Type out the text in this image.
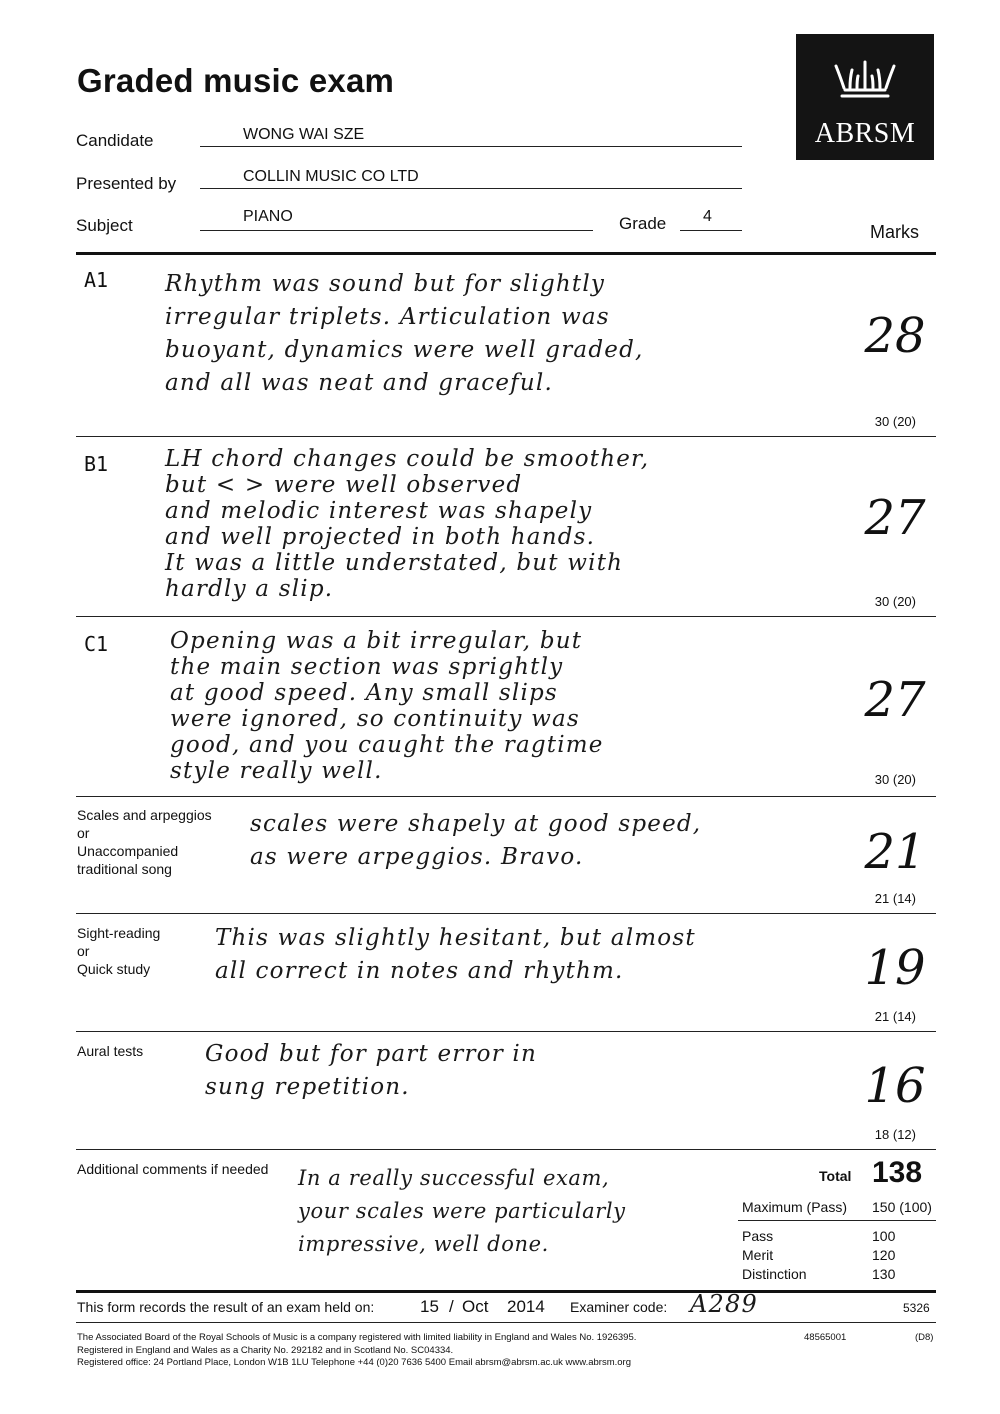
Graded music exam
ABRSM
Candidate	WONG WAI SZE
Presented by	COLLIN MUSIC CO LTD
Subject	PIANO	Grade 4
Marks
A1 Rhythm was sound but for slightly
irregular triplets. Articulation was
buoyant, dynamics were well graded,
and all was neat and graceful.
28
30 (20)
B1 LH chord changes could be smoother,
but < > were well observed
and melodic interest was shapely
and well projected in both hands.
It was a little understated, but with
hardly a slip.
27
30 (20)
C1	Opening was a bit irregular, but
the main section was sprightly
at good speed. Any small slips
were ignored, so continuity was
good, and you caught the ragtime
style really well.
27
30 (20)
Scales and arpeggios
or
Unaccompanied
traditional song
scales were shapely at good speed,
as were arpeggios. Bravo.	21
21 (14)
Sight-reading
or
Quick study
This was slightly hesitant, but almost
all correct in notes and rhythm.	19
21 (14)
Aural tests	Good but for part error in
sung repetition.	16
18 (12)
Additional comments if needed In a really successful exam,
your scales were particularly
impressive, well done.
Total 138
Maximum (Pass) 150 (100)
Pass	100
Merit	120
Distinction	130
This form records the result of an exam held on:	15 / Oct 2014 Examiner code: A289	5326
The Associated Board of the Royal Schools of Music is a company registered with limited liability in England and Wales No. 1926395.
Registered in England and Wales as a Charity No. 292182 and in Scotland No. SC04334.
Registered office: 24 Portland Place, London W1B 1LU Telephone +44 (0)20 7636 5400 Email abrsm@abrsm.ac.uk www.abrsm.org
48565001	(D8)
